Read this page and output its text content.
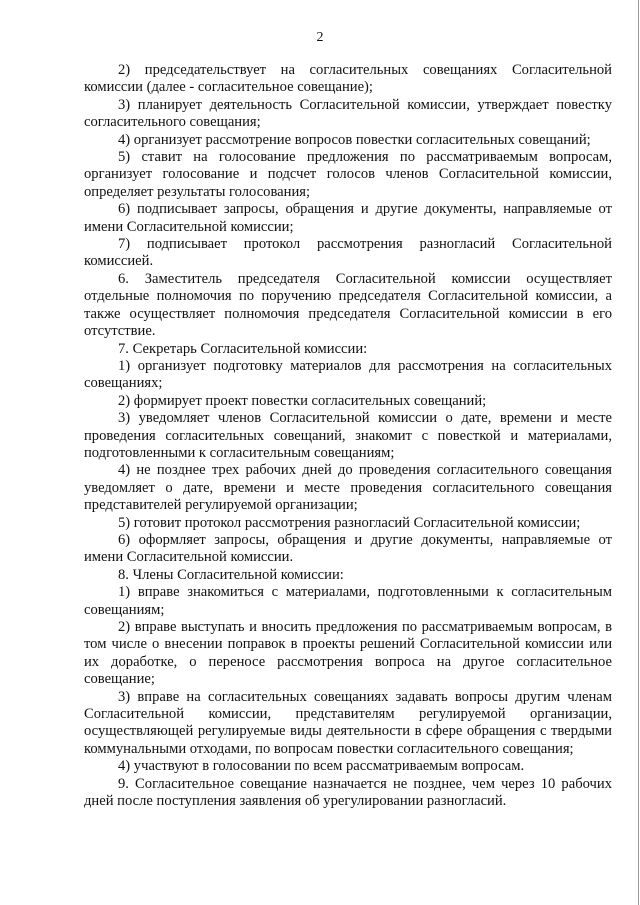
2

2) председательствует на согласительных совещаниях Согласительной комиссии (далее - согласительное совещание);

3) планирует деятельность Согласительной комиссии, утверждает повестку согласительного совещания;

4) организует рассмотрение вопросов повестки согласительных совещаний;

5) ставит на голосование предложения по рассматриваемым вопросам, организует голосование и подсчет голосов членов Согласительной комиссии, определяет результаты голосования;

6) подписывает запросы, обращения и другие документы, направляемые от имени Согласительной комиссии;

7) подписывает протокол рассмотрения разногласий Согласительной комиссией.

6. Заместитель председателя Согласительной комиссии осуществляет отдельные полномочия по поручению председателя Согласительной комиссии, а также осуществляет полномочия председателя Согласительной комиссии в его отсутствие.

7. Секретарь Согласительной комиссии:

1) организует подготовку материалов для рассмотрения на согласительных совещаниях;

2) формирует проект повестки согласительных совещаний;

3) уведомляет членов Согласительной комиссии о дате, времени и месте проведения согласительных совещаний, знакомит с повесткой и материалами, подготовленными к согласительным совещаниям;

4) не позднее трех рабочих дней до проведения согласительного совещания уведомляет о дате, времени и месте проведения согласительного совещания представителей регулируемой организации;

5) готовит протокол рассмотрения разногласий Согласительной комиссии;

6) оформляет запросы, обращения и другие документы, направляемые от имени Согласительной комиссии.

8. Члены Согласительной комиссии:

1) вправе знакомиться с материалами, подготовленными к согласительным совещаниям;

2) вправе выступать и вносить предложения по рассматриваемым вопросам, в том числе о внесении поправок в проекты решений Согласительной комиссии или их доработке, о переносе рассмотрения вопроса на другое согласительное совещание;

3) вправе на согласительных совещаниях задавать вопросы другим членам Согласительной комиссии, представителям регулируемой организации, осуществляющей регулируемые виды деятельности в сфере обращения с твердыми коммунальными отходами, по вопросам повестки согласительного совещания;

4) участвуют в голосовании по всем рассматриваемым вопросам.

9. Согласительное совещание назначается не позднее, чем через 10 рабочих дней после поступления заявления об урегулировании разногласий.
